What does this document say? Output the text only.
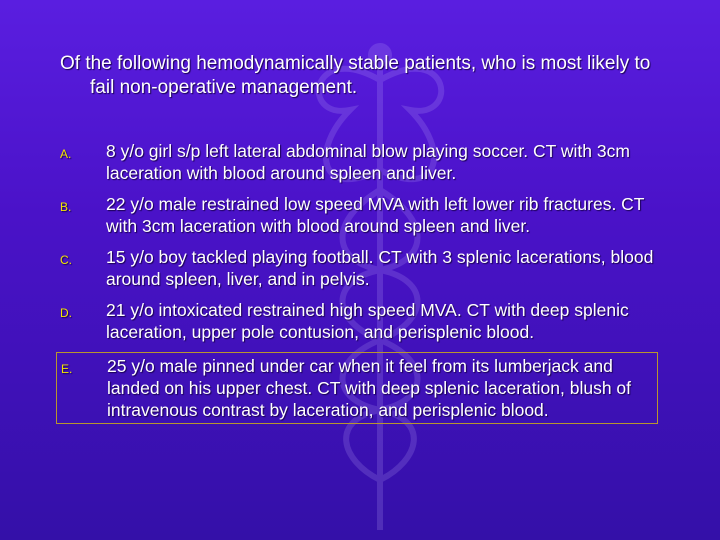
Of the following hemodynamically stable patients, who is most likely to fail non-operative management.
A. 8 y/o girl s/p left lateral abdominal blow playing soccer. CT with 3cm laceration with blood around spleen and liver.
B. 22 y/o male restrained low speed MVA with left lower rib fractures. CT with 3cm laceration with blood around spleen and liver.
C. 15 y/o boy tackled playing football. CT with 3 splenic lacerations, blood around spleen, liver, and in pelvis.
D. 21 y/o intoxicated restrained high speed MVA. CT with deep splenic laceration, upper pole contusion, and perisplenic blood.
E. 25 y/o male pinned under car when it feel from its lumberjack and landed on his upper chest. CT with deep splenic laceration, blush of intravenous contrast by laceration, and perisplenic blood.
